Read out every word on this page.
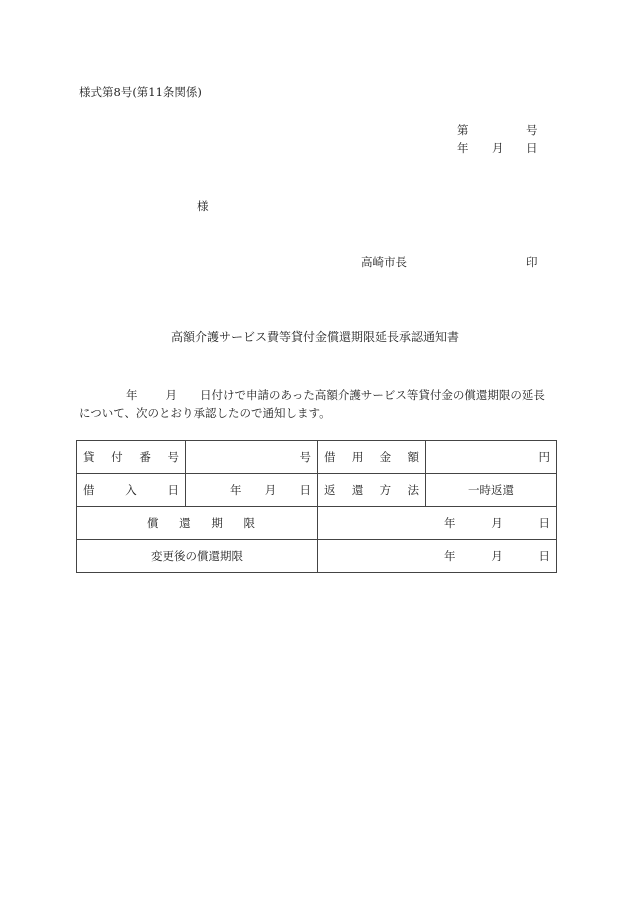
様式第8号(第11条関係)
第	号
年 月 日
様
高崎市長	印
高額介護サービス費等貸付金償還期限延長承認通知書
年 月 日付けで申請のあった高額介護サービス等貸付金の償還期限の延長
について、次のとおり承認したので通知します。
貸付番号	号	借用金額	円
借入日	年 月 日	返還方法	一時返還

償還期限		年 月 日	

変更後の償還期限		年 月 日	
